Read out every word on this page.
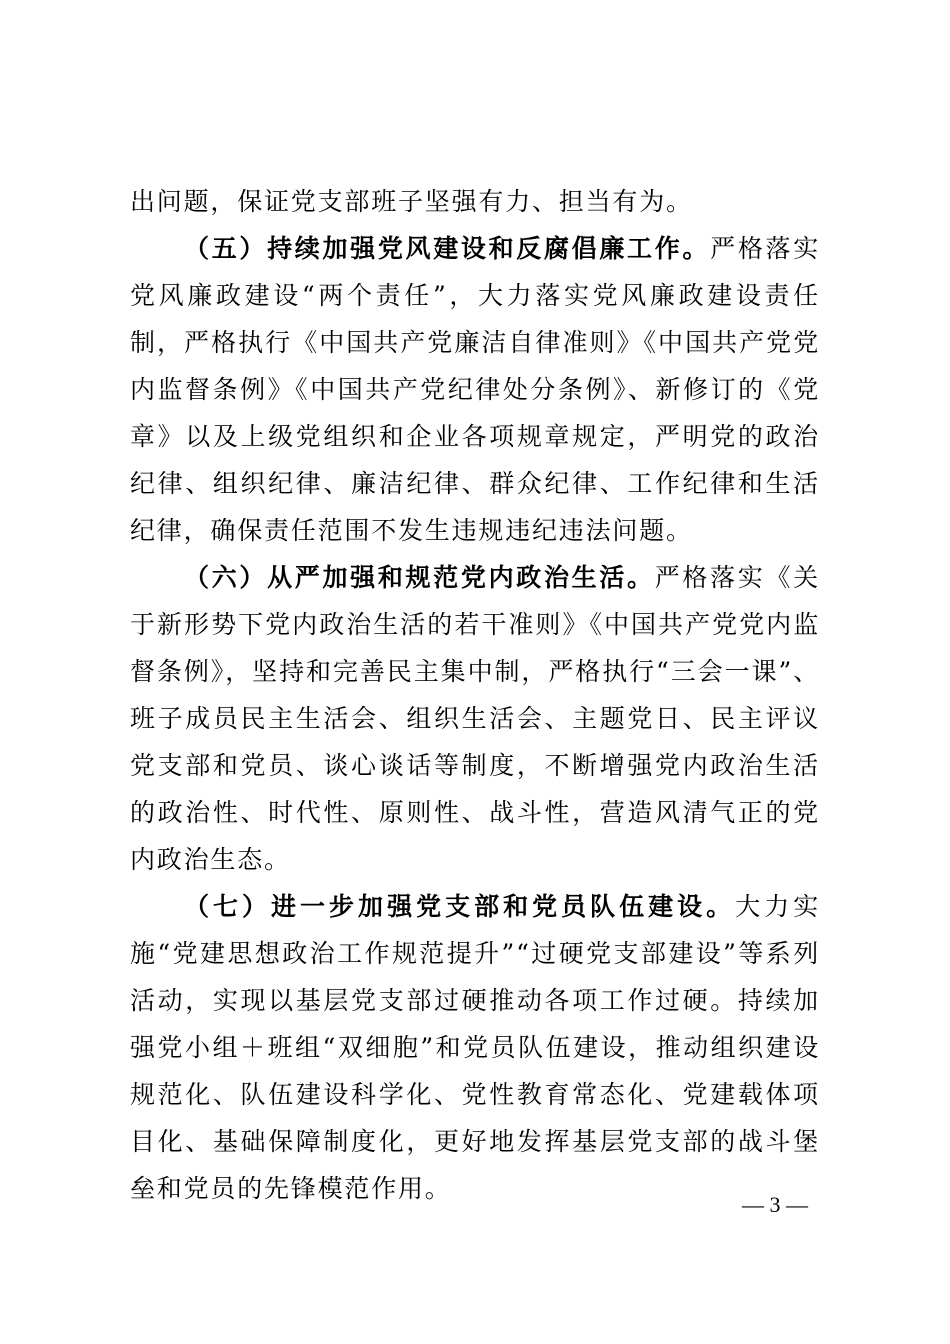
出问题，保证党支部班子坚强有力、担当有为。

（五）持续加强党风建设和反腐倡廉工作。严格落实党风廉政建设“两个责任”，大力落实党风廉政建设责任制，严格执行《中国共产党廉洁自律准则》《中国共产党党内监督条例》《中国共产党纪律处分条例》、新修订的《党章》以及上级党组织和企业各项规章规定，严明党的政治纪律、组织纪律、廉洁纪律、群众纪律、工作纪律和生活纪律，确保责任范围不发生违规违纪违法问题。

（六）从严加强和规范党内政治生活。严格落实《关于新形势下党内政治生活的若干准则》《中国共产党党内监督条例》，坚持和完善民主集中制，严格执行“三会一课”、班子成员民主生活会、组织生活会、主题党日、民主评议党支部和党员、谈心谈话等制度，不断增强党内政治生活的政治性、时代性、原则性、战斗性，营造风清气正的党内政治生态。

（七）进一步加强党支部和党员队伍建设。大力实施“党建思想政治工作规范提升”“过硬党支部建设”等系列活动，实现以基层党支部过硬推动各项工作过硬。持续加强党小组＋班组“双细胞”和党员队伍建设，推动组织建设规范化、队伍建设科学化、党性教育常态化、党建载体项目化、基础保障制度化，更好地发挥基层党支部的战斗堡垒和党员的先锋模范作用。

— 3 —
